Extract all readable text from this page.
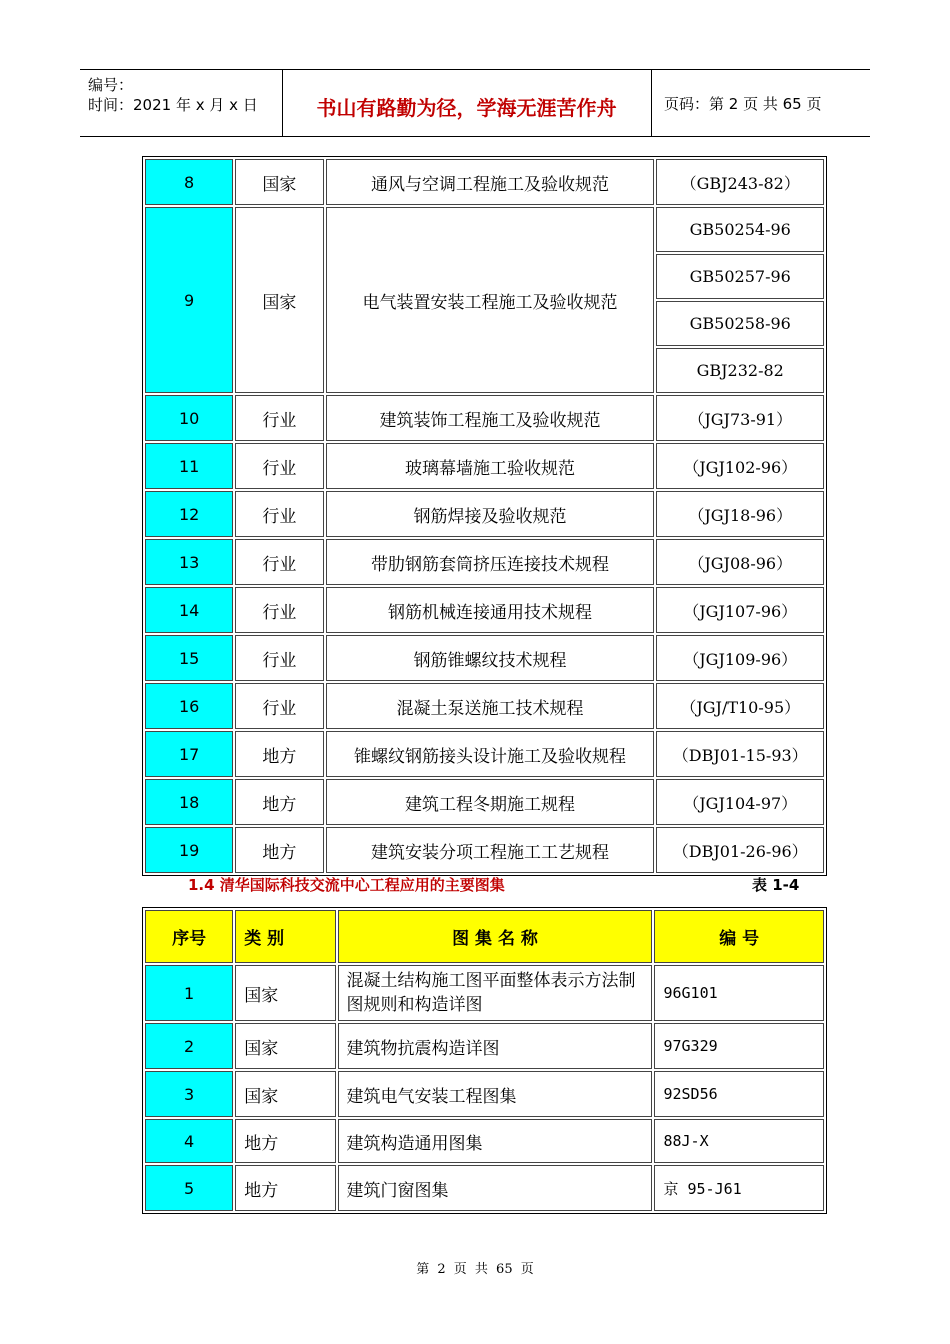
编号：
时间：2021 年 x 月 x 日	书山有路勤为径，学海无涯苦作舟	页码：第 2 页 共 65 页
8	国家	通风与空调工程施工及验收规范	（GBJ243-82）
9	国家	电气装置安装工程施工及验收规范	GB50254-96
			GB50257-96
			GB50258-96
			GBJ232-82
10	行业	建筑装饰工程施工及验收规范	（JGJ73-91）
11	行业	玻璃幕墙施工验收规范	（JGJ102-96）
12	行业	钢筋焊接及验收规范	（JGJ18-96）
13	行业	带肋钢筋套筒挤压连接技术规程	（JGJ08-96）
14	行业	钢筋机械连接通用技术规程	（JGJ107-96）
15	行业	钢筋锥螺纹技术规程	（JGJ109-96）
16	行业	混凝土泵送施工技术规程	（JGJ/T10-95）
17	地方	锥螺纹钢筋接头设计施工及验收规程	（DBJ01-15-93）
18	地方	建筑工程冬期施工规程	（JGJ104-97）
19	地方	建筑安装分项工程施工工艺规程	（DBJ01-26-96）
1.4 清华国际科技交流中心工程应用的主要图集	表 1-4
序号	类 别	图 集 名 称	编 号
1	国家	混凝土结构施工图平面整体表示方法制图规则和构造详图	96G101
2	国家	建筑物抗震构造详图	97G329
3	国家	建筑电气安装工程图集	92SD56
4	地方	建筑构造通用图集	88J-X
5	地方	建筑门窗图集	京 95-J61
第 2 页 共 65 页
